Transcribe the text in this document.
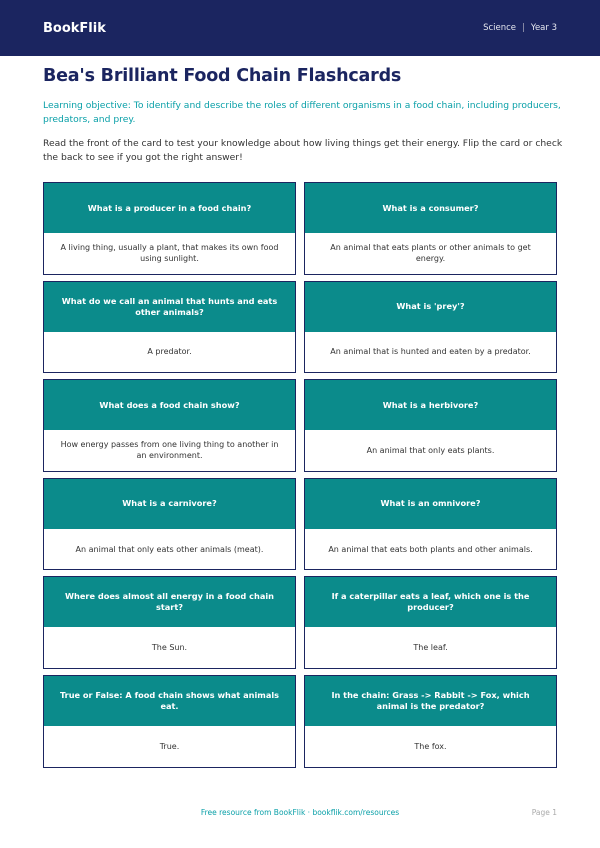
BookFlik	Science | Year 3
Bea's Brilliant Food Chain Flashcards

Learning objective: To identify and describe the roles of different organisms in a food chain, including producers, predators, and prey.

Read the front of the card to test your knowledge about how living things get their energy. Flip the card or check the back to see if you got the right answer!

What is a producer in a food chain?
A living thing, usually a plant, that makes its own food using sunlight.
What is a consumer?
An animal that eats plants or other animals to get energy.
What do we call an animal that hunts and eats other animals?
A predator.
What is 'prey'?
An animal that is hunted and eaten by a predator.
What does a food chain show?
How energy passes from one living thing to another in an environment.
What is a herbivore?
An animal that only eats plants.
What is a carnivore?
An animal that only eats other animals (meat).
What is an omnivore?
An animal that eats both plants and other animals.
Where does almost all energy in a food chain start?
The Sun.
If a caterpillar eats a leaf, which one is the producer?
The leaf.
True or False: A food chain shows what animals eat.
True.
In the chain: Grass -> Rabbit -> Fox, which animal is the predator?
The fox.
Free resource from BookFlik · bookflik.com/resources	Page 1
